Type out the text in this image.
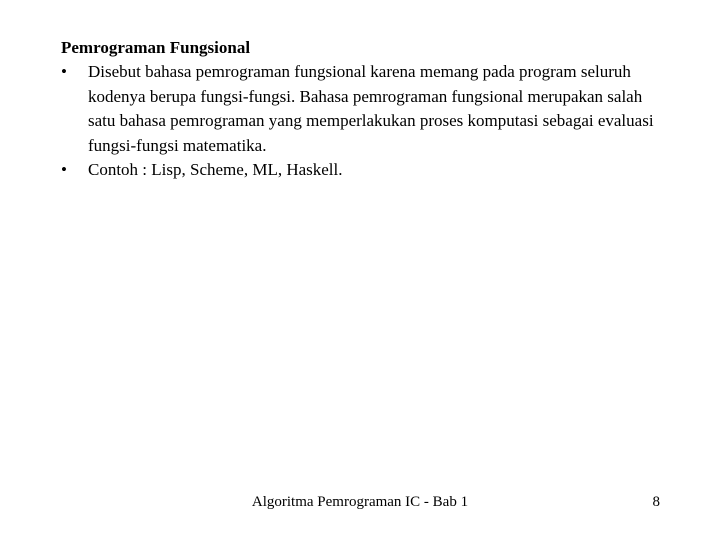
Pemrograman Fungsional

• Disebut bahasa pemrograman fungsional karena memang pada program seluruh kodenya berupa fungsi-fungsi. Bahasa pemrograman fungsional merupakan salah satu bahasa pemrograman yang memperlakukan proses komputasi sebagai evaluasi fungsi-fungsi matematika.
• Contoh : Lisp, Scheme, ML, Haskell.
Algoritma Pemrograman IC - Bab 1	8
